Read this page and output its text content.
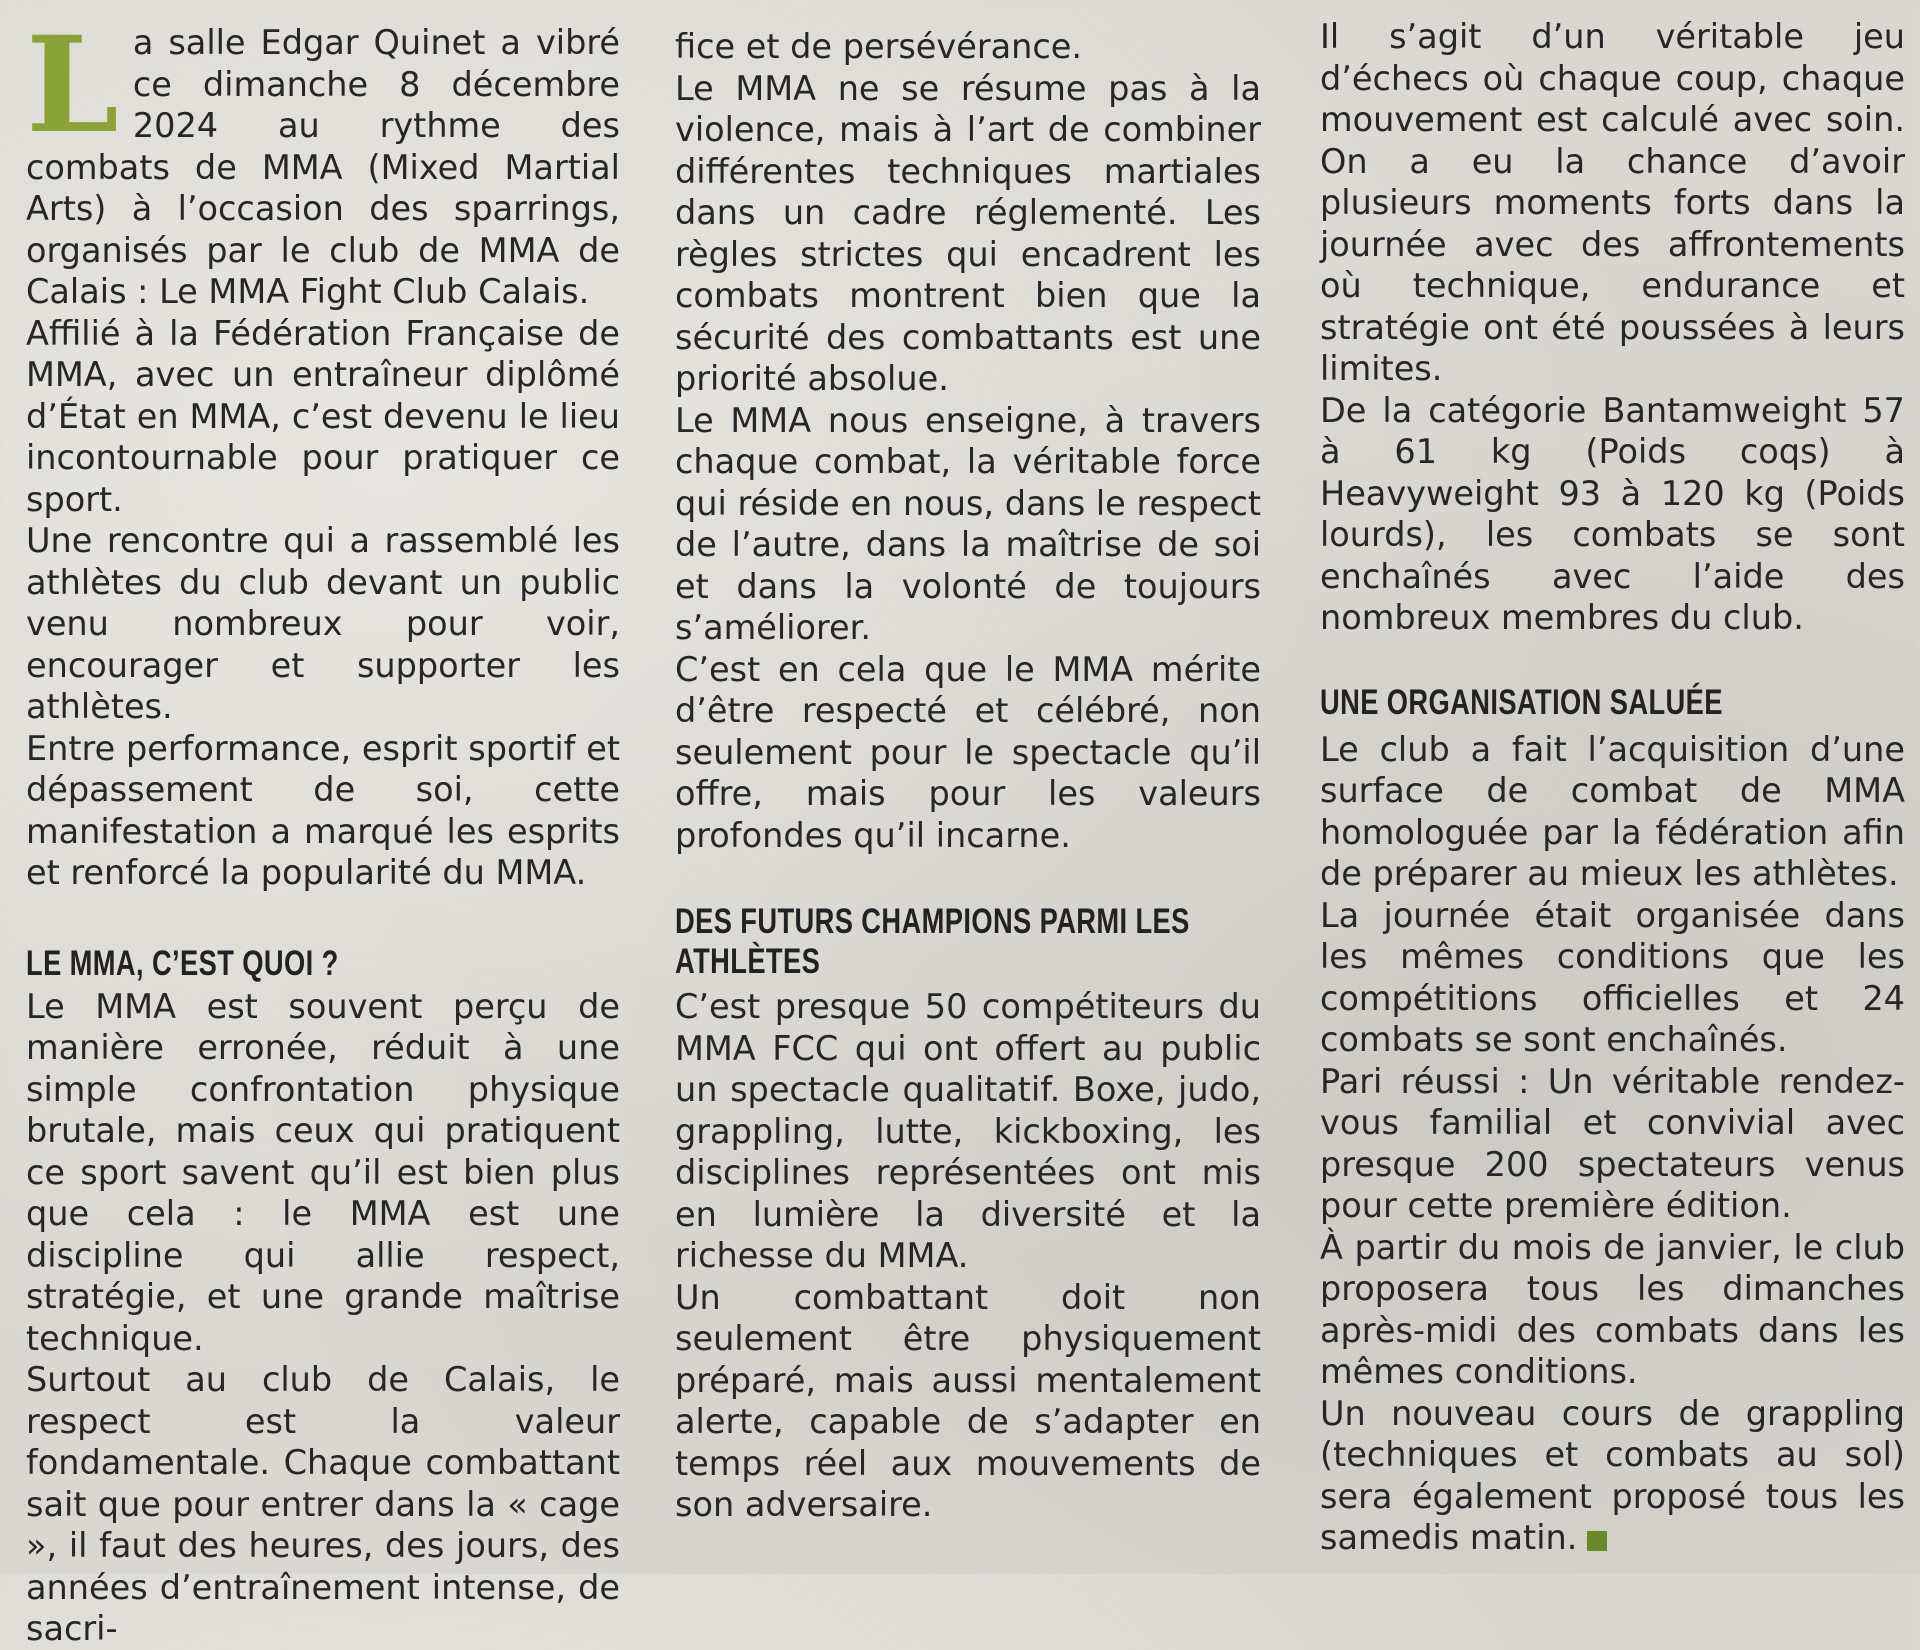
La salle Edgar Quinet a vibré ce dimanche 8 décembre 2024 au rythme des combats de MMA (Mixed Martial Arts) à l’occasion des sparrings, organisés par le club de MMA de Calais : Le MMA Fight Club Calais.

Affilié à la Fédération Française de MMA, avec un entraîneur diplômé d’État en MMA, c’est devenu le lieu incontournable pour pratiquer ce sport.

Une rencontre qui a rassemblé les athlètes du club devant un public venu nombreux pour voir, encourager et supporter les athlètes.

Entre performance, esprit sportif et dépassement de soi, cette manifestation a marqué les esprits et renforcé la popularité du MMA.

LE MMA, C’EST QUOI ?

Le MMA est souvent perçu de manière erronée, réduit à une simple confrontation physique brutale, mais ceux qui pratiquent ce sport savent qu’il est bien plus que cela : le MMA est une discipline qui allie respect, stratégie, et une grande maîtrise technique.

Surtout au club de Calais, le respect est la valeur fondamentale. Chaque combattant sait que pour entrer dans la « cage », il faut des heures, des jours, des années d’entraînement intense, de sacri-

fice et de persévérance.

Le MMA ne se résume pas à la violence, mais à l’art de combiner différentes techniques martiales dans un cadre réglementé. Les règles strictes qui encadrent les combats montrent bien que la sécurité des combattants est une priorité absolue.

Le MMA nous enseigne, à travers chaque combat, la véritable force qui réside en nous, dans le respect de l’autre, dans la maîtrise de soi et dans la volonté de toujours s’améliorer.

C’est en cela que le MMA mérite d’être respecté et célébré, non seulement pour le spectacle qu’il offre, mais pour les valeurs profondes qu’il incarne.

DES FUTURS CHAMPIONS PARMI LES ATHLÈTES

C’est presque 50 compétiteurs du MMA FCC qui ont offert au public un spectacle qualitatif. Boxe, judo, grappling, lutte, kickboxing, les disciplines représentées ont mis en lumière la diversité et la richesse du MMA.

Un combattant doit non seulement être physiquement préparé, mais aussi mentalement alerte, capable de s’adapter en temps réel aux mouvements de son adversaire.

Il s’agit d’un véritable jeu d’échecs où chaque coup, chaque mouvement est calculé avec soin. On a eu la chance d’avoir plusieurs moments forts dans la journée avec des affrontements où technique, endurance et stratégie ont été poussées à leurs limites.

De la catégorie Bantamweight 57 à 61 kg (Poids coqs) à Heavyweight 93 à 120 kg (Poids lourds), les combats se sont enchaînés avec l’aide des nombreux membres du club.

UNE ORGANISATION SALUÉE

Le club a fait l’acquisition d’une surface de combat de MMA homologuée par la fédération afin de préparer au mieux les athlètes.

La journée était organisée dans les mêmes conditions que les compétitions officielles et 24 combats se sont enchaînés.

Pari réussi : Un véritable rendez-vous familial et convivial avec presque 200 spectateurs venus pour cette première édition.

À partir du mois de janvier, le club proposera tous les dimanches après-midi des combats dans les mêmes conditions.

Un nouveau cours de grappling (techniques et combats au sol) sera également proposé tous les samedis matin.
